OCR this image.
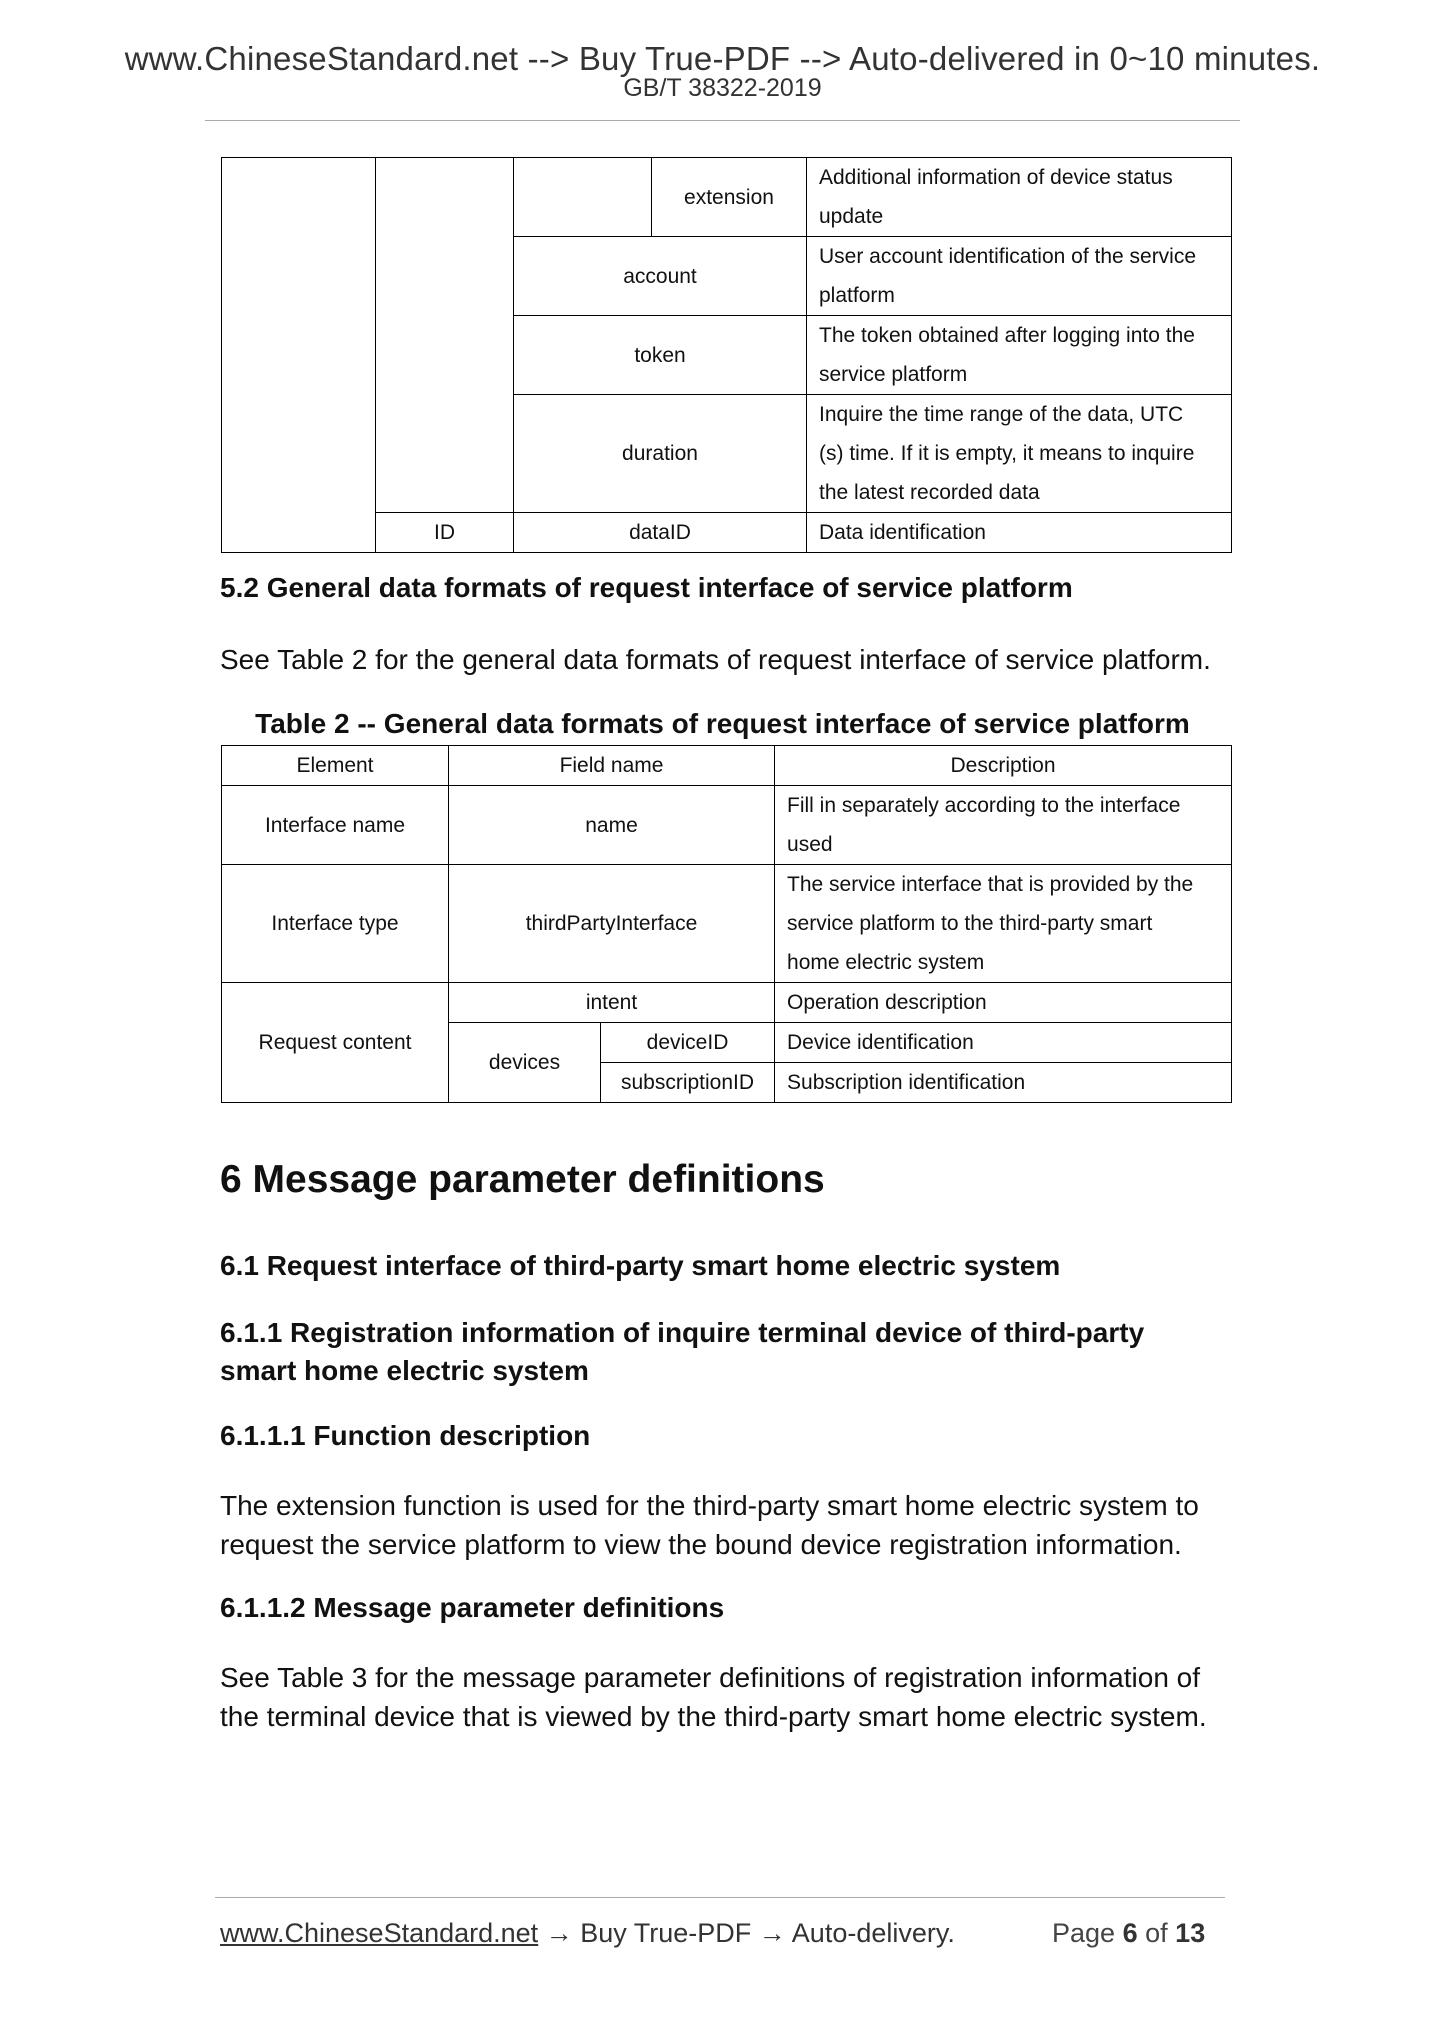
www.ChineseStandard.net --> Buy True-PDF --> Auto-delivered in 0~10 minutes.
GB/T 38322-2019
			extension	Additional information of device status
update
		account		User account identification of the service
platform
		token		The token obtained after logging into the
service platform
		duration		Inquire the time range of the data, UTC
(s) time. If it is empty, it means to inquire
the latest recorded data
	ID	dataID		Data identification
5.2 General data formats of request interface of service platform
See Table 2 for the general data formats of request interface of service platform.
Table 2 -- General data formats of request interface of service platform
Element	Field name		Description
Interface name	name		Fill in separately according to the interface
used
Interface type	thirdPartyInterface		The service interface that is provided by the
service platform to the third-party smart
home electric system
Request content	intent		Operation description
	devices	deviceID	Device identification
		subscriptionID	Subscription identification
6 Message parameter definitions
6.1 Request interface of third-party smart home electric system
6.1.1 Registration information of inquire terminal device of third-party
smart home electric system
6.1.1.1 Function description
The extension function is used for the third-party smart home electric system to
request the service platform to view the bound device registration information.
6.1.1.2 Message parameter definitions
See Table 3 for the message parameter definitions of registration information of
the terminal device that is viewed by the third-party smart home electric system.
www.ChineseStandard.net → Buy True-PDF → Auto-delivery.	Page 6 of 13
